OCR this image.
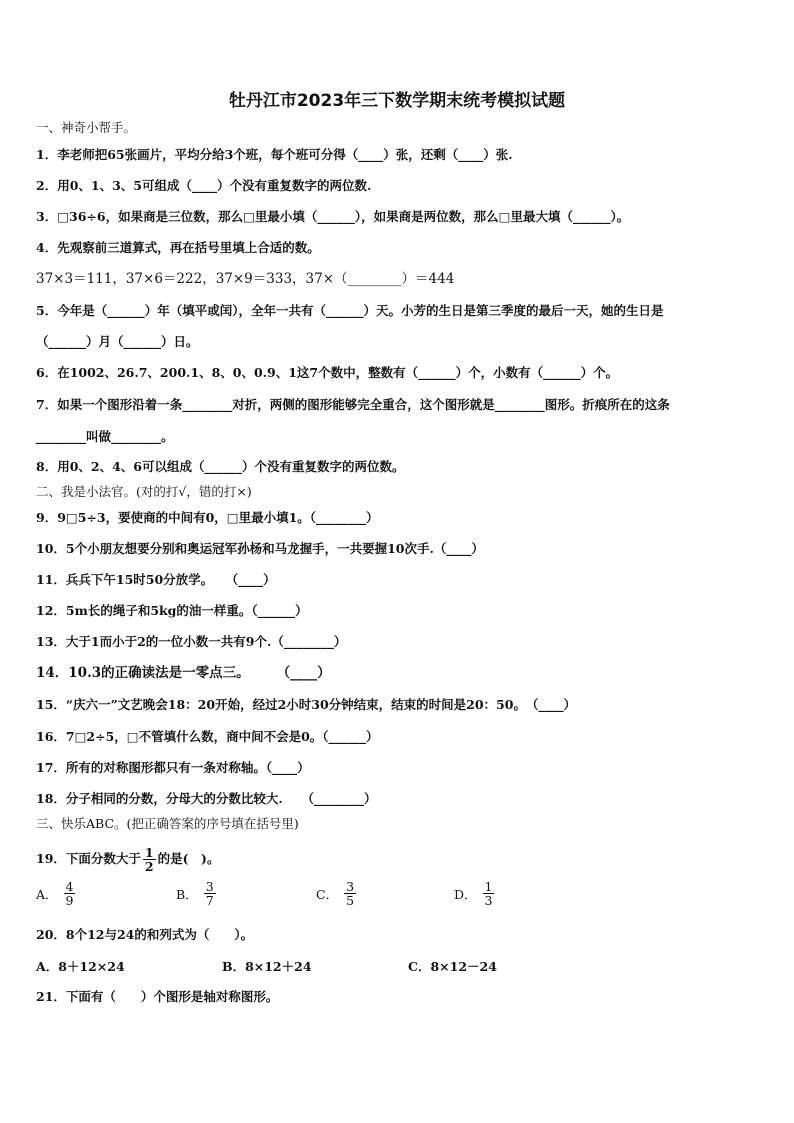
牡丹江市2023年三下数学期末统考模拟试题
一、神奇小帮手。
1．李老师把65张画片，平均分给3个班，每个班可分得（____）张，还剩（____）张.
2．用0、1、3、5可组成（____）个没有重复数字的两位数.
3．□36÷6，如果商是三位数，那么□里最小填（______），如果商是两位数，那么□里最大填（______）。
4．先观察前三道算式，再在括号里填上合适的数。
37×3＝111，37×6＝222，37×9＝333，37×（________）＝444
5．今年是（______）年（填平或闰），全年一共有（______）天。小芳的生日是第三季度的最后一天，她的生日是
（______）月（______）日。
6．在1002、26.7、200.1、8、0、0.9、1这7个数中，整数有（______）个，小数有（______）个。
7．如果一个图形沿着一条________对折，两侧的图形能够完全重合，这个图形就是________图形。折痕所在的这条
________叫做________。
8．用0、2、4、6可以组成（______）个没有重复数字的两位数。
二、我是小法官。(对的打√，错的打×)
9．9□5÷3，要使商的中间有0，□里最小填1。（________）
10．5个小朋友想要分别和奥运冠军孙杨和马龙握手，一共要握10次手.（____）
11．兵兵下午15时50分放学。　　（____）
12．5m长的绳子和5kg的油一样重。（______）
13．大于1而小于2的一位小数一共有9个.（________）
14．10.3的正确读法是一零点三。　　　（____）
15．“庆六一”文艺晚会18：20开始，经过2小时30分钟结束，结束的时间是20：50。　（____）
16．7□2÷5，□不管填什么数，商中间不会是0。（______）
17．所有的对称图形都只有一条对称轴。（____）
18．分子相同的分数，分母大的分数比较大.　　（________）
三、快乐ABC。(把正确答案的序号填在括号里)
19．下面分数大于 $\frac{1}{2}$ 的是(　)。
A． $\frac{4}{9}$	B． $\frac{3}{7}$	C． $\frac{3}{5}$	D． $\frac{1}{3}$
20．8个12与24的和列式为（　　）。
A．8＋12×24	B．8×12＋24	C．8×12－24
21．下面有（　　）个图形是轴对称图形。
